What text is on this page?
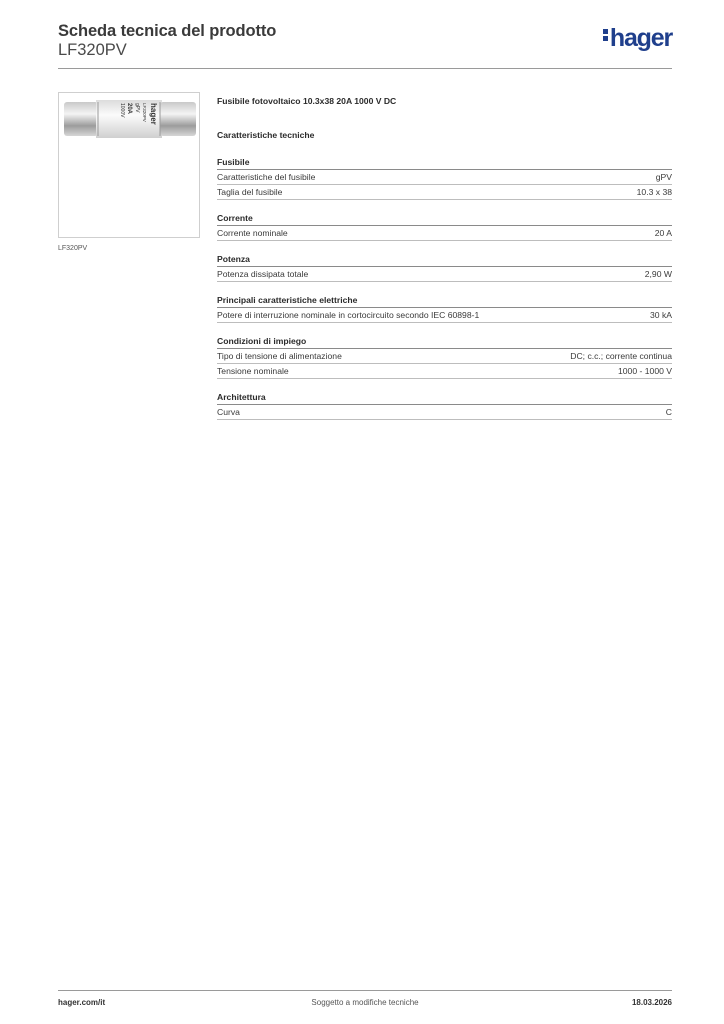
Scheda tecnica del prodotto
LF320PV	hager
hager
LF320PV
gPV
20A
1000V
LF320PV
Fusibile fotovoltaico 10.3x38 20A 1000 V DC
Caratteristiche tecniche
Fusibile
Caratteristiche del fusibile	gPV
Taglia del fusibile	10.3 x 38
Corrente
Corrente nominale	20 A
Potenza
Potenza dissipata totale	2,90 W
Principali caratteristiche elettriche
Potere di interruzione nominale in cortocircuito secondo IEC 60898-1	30 kA
Condizioni di impiego
Tipo di tensione di alimentazione	DC; c.c.; corrente continua
Tensione nominale	1000 - 1000 V
Architettura
Curva	C
hager.com/it	Soggetto a modifiche tecniche	18.03.2026
